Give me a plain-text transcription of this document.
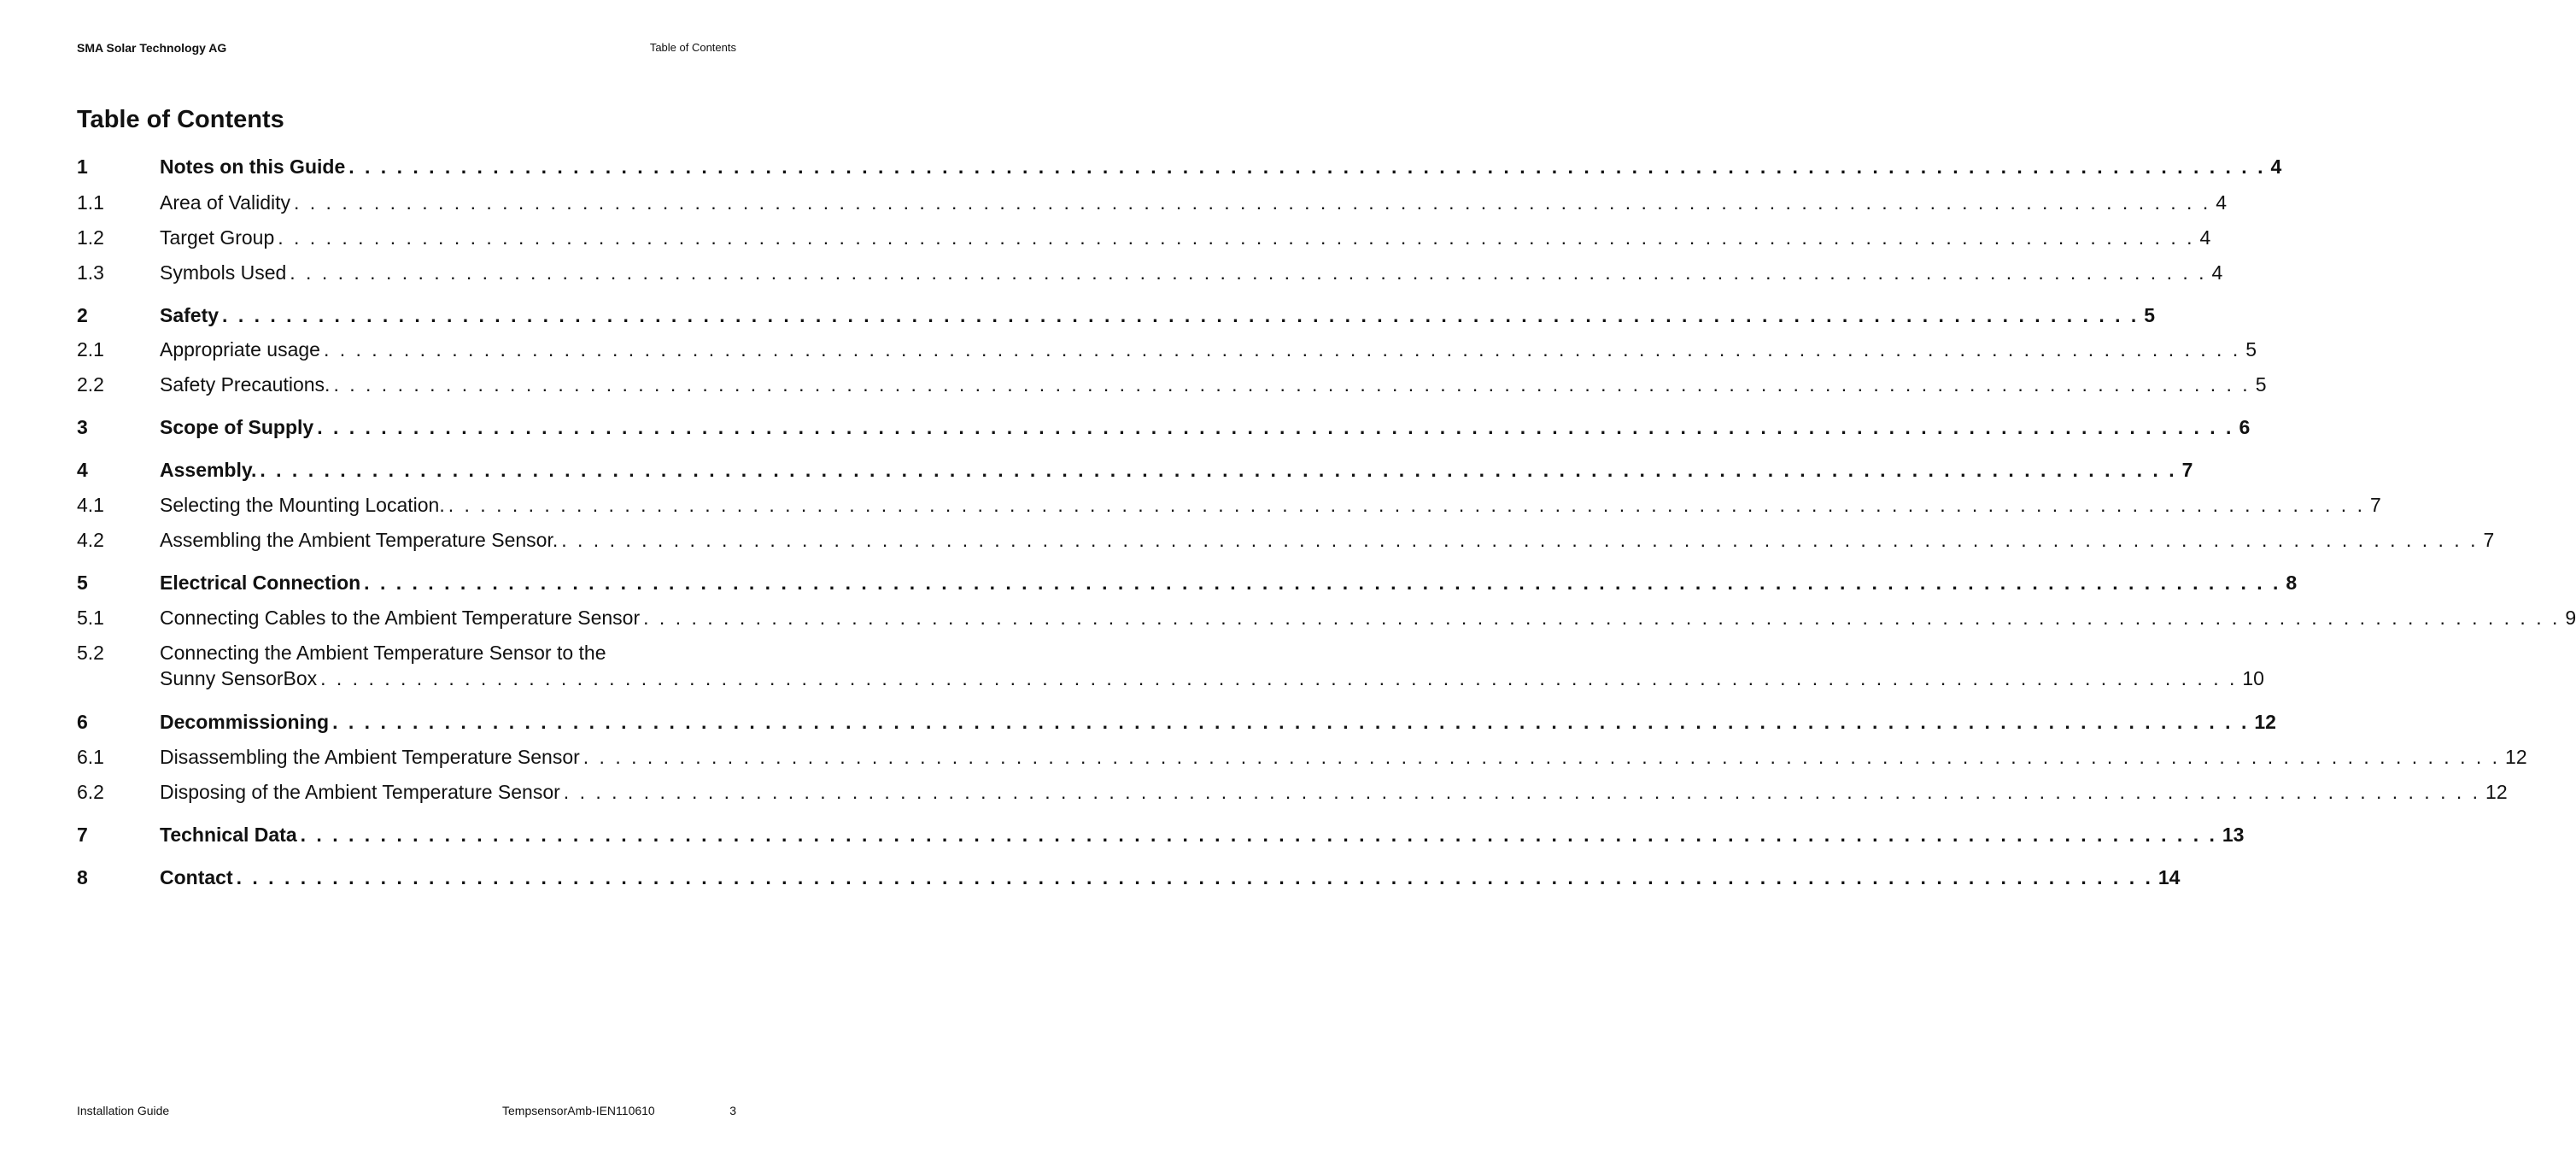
SMA Solar Technology AG	Table of Contents
Table of Contents
1	Notes on this Guide . . . . . . . . . . . . . . . . . . . . . . . . . . . . . . . . . . . . . . . . . . . . . . . . . . . . . . . . . . . . . . . . . . . . . . . . . . . . . . . . . . . . . . . . . . . . . . . . . . . . . . . . . . . . . . . . . . . . . . . . 4
1.1	Area of Validity . . . . . . . . . . . . . . . . . . . . . . . . . . . . . . . . . . . . . . . . . . . . . . . . . . . . . . . . . . . . . . . . . . . . . . . . . . . . . . . . . . . . . . . . . . . . . . . . . . . . . . . . . . . . . . . . . . . . . . . . 4
1.2	Target Group . . . . . . . . . . . . . . . . . . . . . . . . . . . . . . . . . . . . . . . . . . . . . . . . . . . . . . . . . . . . . . . . . . . . . . . . . . . . . . . . . . . . . . . . . . . . . . . . . . . . . . . . . . . . . . . . . . . . . . . . 4
1.3	Symbols Used . . . . . . . . . . . . . . . . . . . . . . . . . . . . . . . . . . . . . . . . . . . . . . . . . . . . . . . . . . . . . . . . . . . . . . . . . . . . . . . . . . . . . . . . . . . . . . . . . . . . . . . . . . . . . . . . . . . . . . . . 4
2	Safety . . . . . . . . . . . . . . . . . . . . . . . . . . . . . . . . . . . . . . . . . . . . . . . . . . . . . . . . . . . . . . . . . . . . . . . . . . . . . . . . . . . . . . . . . . . . . . . . . . . . . . . . . . . . . . . . . . . . . . . . 5
2.1	Appropriate usage . . . . . . . . . . . . . . . . . . . . . . . . . . . . . . . . . . . . . . . . . . . . . . . . . . . . . . . . . . . . . . . . . . . . . . . . . . . . . . . . . . . . . . . . . . . . . . . . . . . . . . . . . . . . . . . . . . . . . . . . 5
2.2	Safety Precautions. . . . . . . . . . . . . . . . . . . . . . . . . . . . . . . . . . . . . . . . . . . . . . . . . . . . . . . . . . . . . . . . . . . . . . . . . . . . . . . . . . . . . . . . . . . . . . . . . . . . . . . . . . . . . . . . . . . . . . . . . 5
3	Scope of Supply . . . . . . . . . . . . . . . . . . . . . . . . . . . . . . . . . . . . . . . . . . . . . . . . . . . . . . . . . . . . . . . . . . . . . . . . . . . . . . . . . . . . . . . . . . . . . . . . . . . . . . . . . . . . . . . . . . . . . . . . 6
4	Assembly. . . . . . . . . . . . . . . . . . . . . . . . . . . . . . . . . . . . . . . . . . . . . . . . . . . . . . . . . . . . . . . . . . . . . . . . . . . . . . . . . . . . . . . . . . . . . . . . . . . . . . . . . . . . . . . . . . . . . . . . . 7
4.1	Selecting the Mounting Location. . . . . . . . . . . . . . . . . . . . . . . . . . . . . . . . . . . . . . . . . . . . . . . . . . . . . . . . . . . . . . . . . . . . . . . . . . . . . . . . . . . . . . . . . . . . . . . . . . . . . . . . . . . . . . . . . . . . . . . . . 7
4.2	Assembling the Ambient Temperature Sensor. . . . . . . . . . . . . . . . . . . . . . . . . . . . . . . . . . . . . . . . . . . . . . . . . . . . . . . . . . . . . . . . . . . . . . . . . . . . . . . . . . . . . . . . . . . . . . . . . . . . . . . . . . . . . . . . . . . . . . . . . 7
5	Electrical Connection . . . . . . . . . . . . . . . . . . . . . . . . . . . . . . . . . . . . . . . . . . . . . . . . . . . . . . . . . . . . . . . . . . . . . . . . . . . . . . . . . . . . . . . . . . . . . . . . . . . . . . . . . . . . . . . . . . . . . . . . 8
5.1	Connecting Cables to the Ambient Temperature Sensor . . . . . . . . . . . . . . . . . . . . . . . . . . . . . . . . . . . . . . . . . . . . . . . . . . . . . . . . . . . . . . . . . . . . . . . . . . . . . . . . . . . . . . . . . . . . . . . . . . . . . . . . . . . . . . . . . . . . . . . . 9
5.2	Connecting the Ambient Temperature Sensor to the
Sunny SensorBox . . . . . . . . . . . . . . . . . . . . . . . . . . . . . . . . . . . . . . . . . . . . . . . . . . . . . . . . . . . . . . . . . . . . . . . . . . . . . . . . . . . . . . . . . . . . . . . . . . . . . . . . . . . . . . . . . . . . . . . . 10
6	Decommissioning . . . . . . . . . . . . . . . . . . . . . . . . . . . . . . . . . . . . . . . . . . . . . . . . . . . . . . . . . . . . . . . . . . . . . . . . . . . . . . . . . . . . . . . . . . . . . . . . . . . . . . . . . . . . . . . . . . . . . . . . 12
6.1	Disassembling the Ambient Temperature Sensor . . . . . . . . . . . . . . . . . . . . . . . . . . . . . . . . . . . . . . . . . . . . . . . . . . . . . . . . . . . . . . . . . . . . . . . . . . . . . . . . . . . . . . . . . . . . . . . . . . . . . . . . . . . . . . . . . . . . . . . . 12
6.2	Disposing of the Ambient Temperature Sensor . . . . . . . . . . . . . . . . . . . . . . . . . . . . . . . . . . . . . . . . . . . . . . . . . . . . . . . . . . . . . . . . . . . . . . . . . . . . . . . . . . . . . . . . . . . . . . . . . . . . . . . . . . . . . . . . . . . . . . . . 12
7	Technical Data . . . . . . . . . . . . . . . . . . . . . . . . . . . . . . . . . . . . . . . . . . . . . . . . . . . . . . . . . . . . . . . . . . . . . . . . . . . . . . . . . . . . . . . . . . . . . . . . . . . . . . . . . . . . . . . . . . . . . . . . 13
8	Contact . . . . . . . . . . . . . . . . . . . . . . . . . . . . . . . . . . . . . . . . . . . . . . . . . . . . . . . . . . . . . . . . . . . . . . . . . . . . . . . . . . . . . . . . . . . . . . . . . . . . . . . . . . . . . . . . . . . . . . . . 14
Installation Guide	TempsensorAmb-IEN110610	3
